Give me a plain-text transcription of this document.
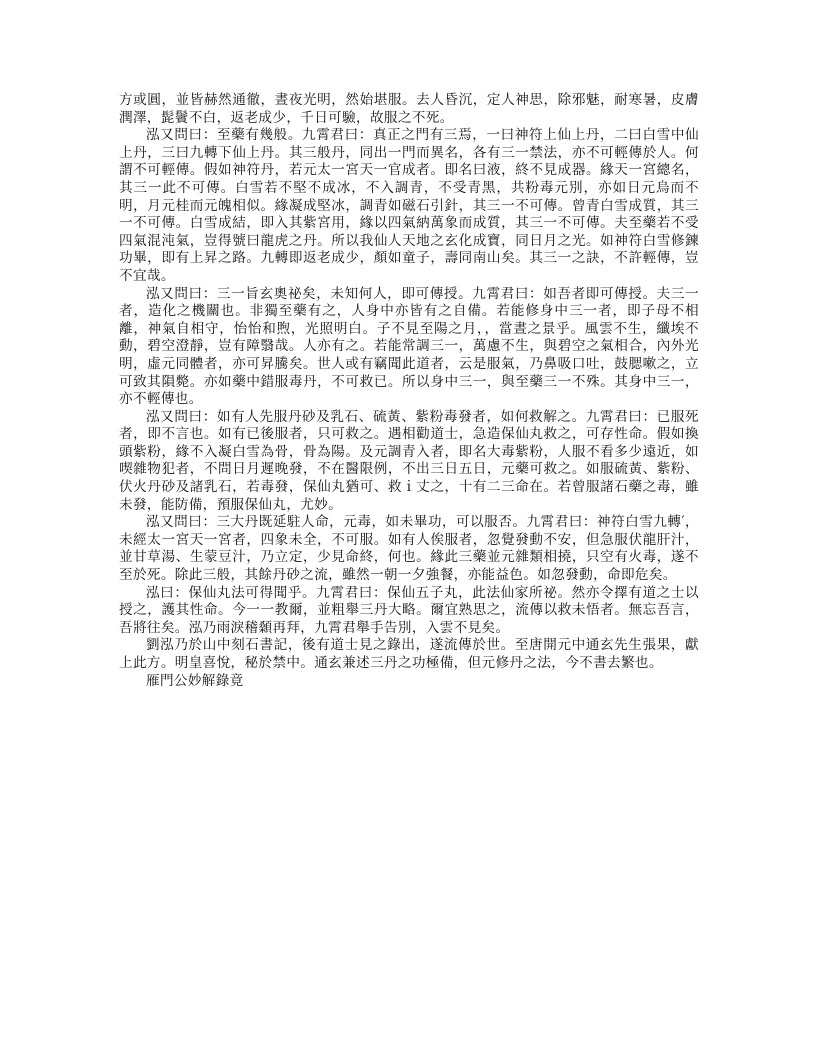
方或圓，並皆赫然通徹，晝夜光明，然始堪服。去人昏沉，定人神思，除邪魅，耐寒暑，皮膚潤澤，髭鬢不白，返老成少，千日可驗，故服之不死。

泓又問曰：至藥有幾般。九霄君曰：真正之門有三焉，一曰神符上仙上丹，二曰白雪中仙上丹，三曰九轉下仙上丹。其三般丹，同出一門而異名，各有三一禁法，亦不可輕傳於人。何謂不可輕傳。假如神符丹，若元太一宮天一官成者。即名曰液，終不見成器。緣天一宮總名，其三一此不可傳。白雪若不堅不成冰，不入調青，不受青黑，共粉毒元別，亦如日元烏而不明，月元桂而元魄相似。緣凝成堅冰，調青如磁石引針，其三一不可傳。曾青白雪成質，其三一不可傳。白雪成結，即入其紫宮用，緣以四氣納萬象而成質，其三一不可傳。夫至藥若不受四氣混沌氣，豈得號曰龍虎之丹。所以我仙人天地之玄化成寶，同日月之光。如神符白雪修鍊功畢，即有上昇之路。九轉即返老成少，顏如童子，壽同南山矣。其三一之訣，不許輕傳，豈不宜哉。

泓又問曰：三一旨玄奧祕矣，未知何人，即可傳授。九霄君曰：如吾者即可傳授。夫三一者，造化之機關也。非獨至藥有之，人身中亦皆有之自備。若能修身中三一者，即子母不相離，神氣自相守，怡怡和煦，光照明白。子不見至陽之月，，當晝之景乎。風雲不生，纖埃不動，碧空澄靜，豈有障翳哉。人亦有之。若能常調三一，萬慮不生，與碧空之氣相合，內外光明，虛元同體者，亦可昇騰矣。世人或有竊聞此道者，云是服氣，乃鼻吸口吐，鼓腮嗽之，立可致其隕斃。亦如藥中錯服毒丹，不可救已。所以身中三一，與至藥三一不殊。其身中三一，亦不輕傳也。

泓又問曰：如有人先服丹砂及乳石、硫黃、紫粉毒發者，如何救解之。九霄君曰：已服死者，即不言也。如有已後服者，只可救之。遇相勸道士，急造保仙丸救之，可存性命。假如換頭紫粉，緣不入凝白雪為骨，骨為陽。及元調青入者，即名大毒紫粉，人服不看多少遠近，如喫雜物犯者，不問日月遲晚發，不在醫限例，不出三日五日，元藥可救之。如服硫黃、紫粉、伏火丹砂及諸乳石，若毒發，保仙丸猶可、救ｉ丈之，十有二三命在。若曾服諸石藥之毒，雖未發，能防備，預服保仙丸，尤妙。

泓又問曰：三大丹既延駐人命，元毒，如未畢功，可以服否。九霄君曰：神符白雪九轉′，未經太一宮天一宮者，四象未全，不可服。如有人俟服者，忽覺發動不安，但急服伏龍肝汁，並甘草湯、生蒙豆汁，乃立定，少見命終，何也。緣此三藥並元雜類相撓，只空有火毒，遂不至於死。除此三般，其餘丹砂之流，雖然一朝一夕強餐，亦能益色。如忽發動，命即危矣。

泓曰：保仙丸法可得聞乎。九霄君曰：保仙五子丸，此法仙家所祕。然亦令擇有道之士以授之，護其性命。今一一教爾，並粗舉三丹大略。爾宜熟思之，流傳以救未悟者。無忘吾言，吾將往矣。泓乃雨淚稽顙再拜，九霄君舉手告別，入雲不見矣。

劉泓乃於山中刻石書記，後有道士見之錄出，遂流傳於世。至唐開元中通玄先生張果，獻上此方。明皇喜悅，秘於禁中。通玄兼述三丹之功極備，但元修丹之法，今不書去繁也。

雁門公妙解錄竟
